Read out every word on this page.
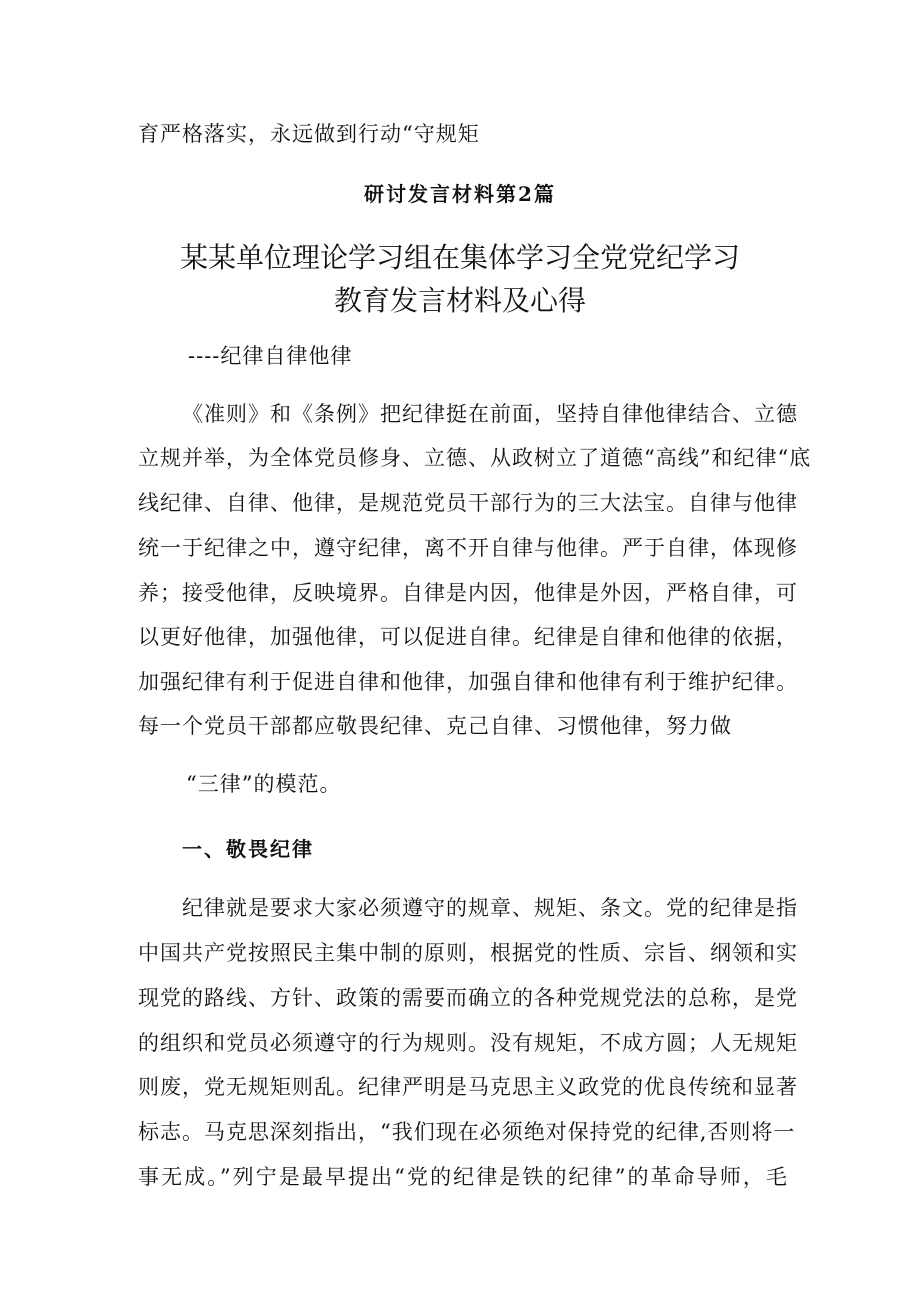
育严格落实，永远做到行动“守规矩
研讨发言材料第2篇
某某单位理论学习组在集体学习全党党纪学习
教育发言材料及心得
----纪律自律他律
《准则》和《条例》把纪律挺在前面，坚持自律他律结合、立德
立规并举，为全体党员修身、立德、从政树立了道德“高线”和纪律“底
线纪律、自律、他律，是规范党员干部行为的三大法宝。自律与他律
统一于纪律之中，遵守纪律，离不开自律与他律。严于自律，体现修
养；接受他律，反映境界。自律是内因，他律是外因，严格自律，可
以更好他律，加强他律，可以促进自律。纪律是自律和他律的依据，
加强纪律有利于促进自律和他律，加强自律和他律有利于维护纪律。
每一个党员干部都应敬畏纪律、克己自律、习惯他律，努力做
“三律”的模范。
一、敬畏纪律
纪律就是要求大家必须遵守的规章、规矩、条文。党的纪律是指
中国共产党按照民主集中制的原则，根据党的性质、宗旨、纲领和实
现党的路线、方针、政策的需要而确立的各种党规党法的总称，是党
的组织和党员必须遵守的行为规则。没有规矩，不成方圆；人无规矩
则废，党无规矩则乱。纪律严明是马克思主义政党的优良传统和显著
标志。马克思深刻指出，“我们现在必须绝对保持党的纪律,否则将一
事无成。”列宁是最早提出“党的纪律是铁的纪律”的革命导师，毛
